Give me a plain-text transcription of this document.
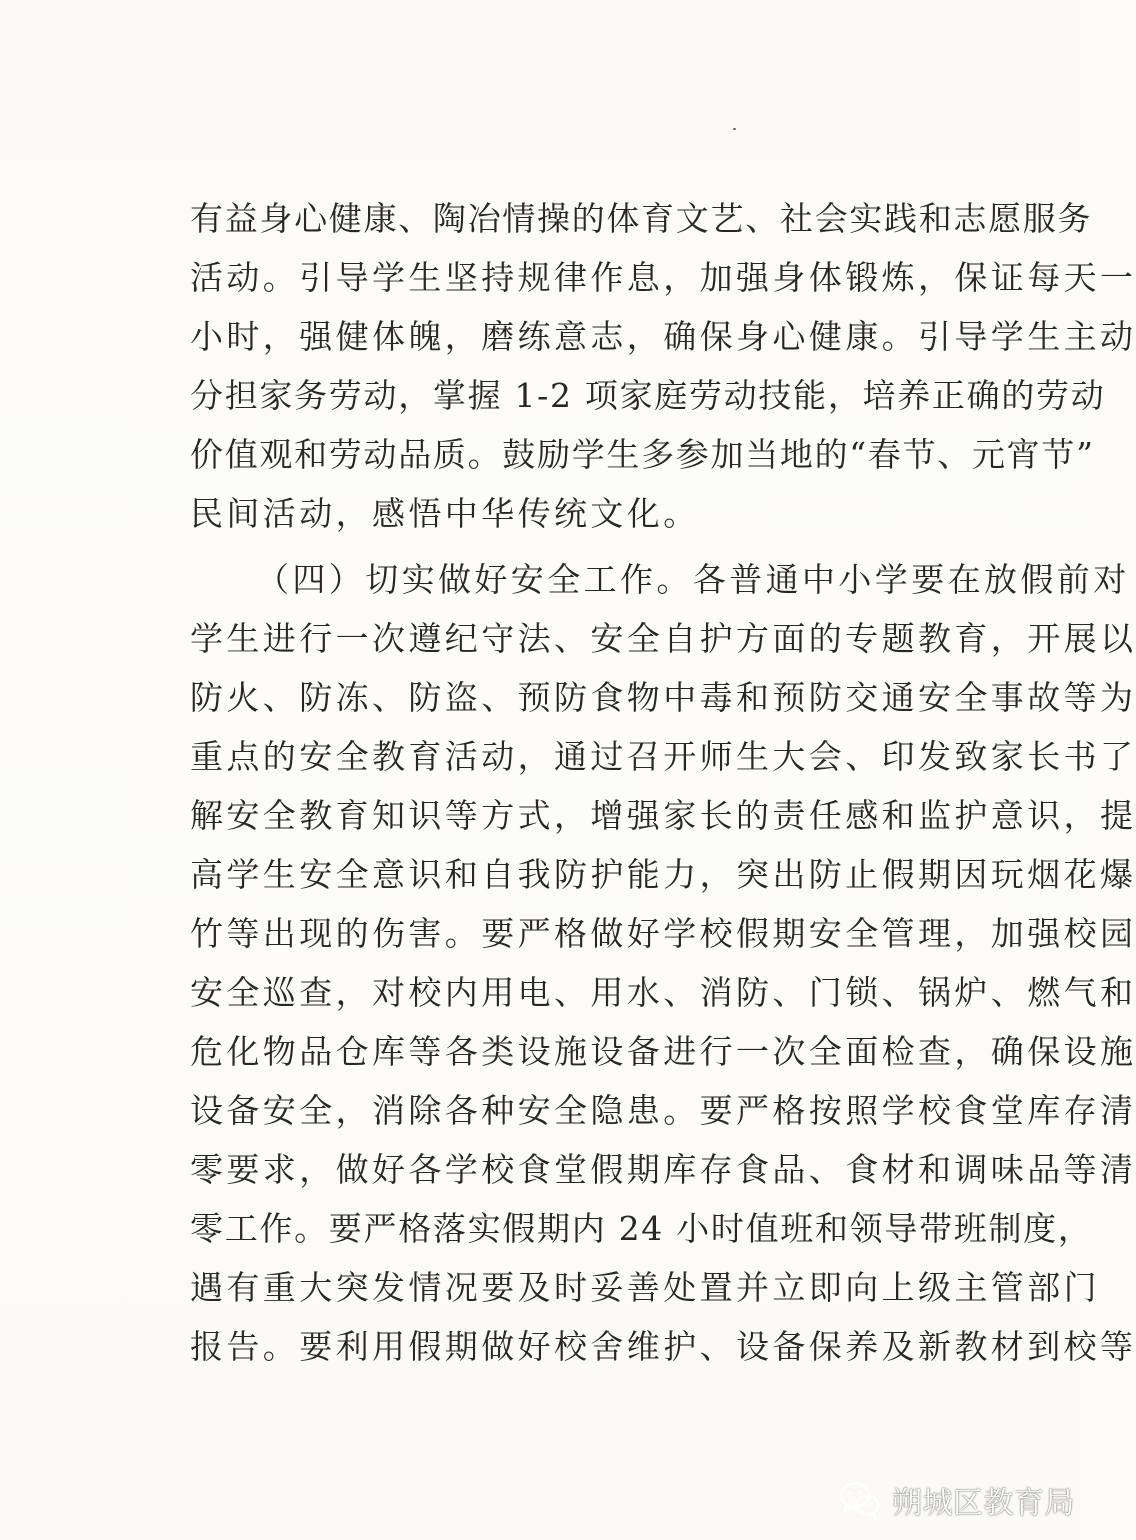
有益身心健康、陶冶情操的体育文艺、社会实践和志愿服务
活动。引导学生坚持规律作息，加强身体锻炼，保证每天一
小时，强健体魄，磨练意志，确保身心健康。引导学生主动
分担家务劳动，掌握 1-2 项家庭劳动技能，培养正确的劳动
价值观和劳动品质。鼓励学生多参加当地的“春节、元宵节”
民间活动，感悟中华传统文化。
（四）切实做好安全工作。各普通中小学要在放假前对
学生进行一次遵纪守法、安全自护方面的专题教育，开展以
防火、防冻、防盗、预防食物中毒和预防交通安全事故等为
重点的安全教育活动，通过召开师生大会、印发致家长书了
解安全教育知识等方式，增强家长的责任感和监护意识，提
高学生安全意识和自我防护能力，突出防止假期因玩烟花爆
竹等出现的伤害。要严格做好学校假期安全管理，加强校园
安全巡查，对校内用电、用水、消防、门锁、锅炉、燃气和
危化物品仓库等各类设施设备进行一次全面检查，确保设施
设备安全，消除各种安全隐患。要严格按照学校食堂库存清
零要求，做好各学校食堂假期库存食品、食材和调味品等清
零工作。要严格落实假期内 24 小时值班和领导带班制度，
遇有重大突发情况要及时妥善处置并立即向上级主管部门
报告。要利用假期做好校舍维护、设备保养及新教材到校等
朔城区教育局
